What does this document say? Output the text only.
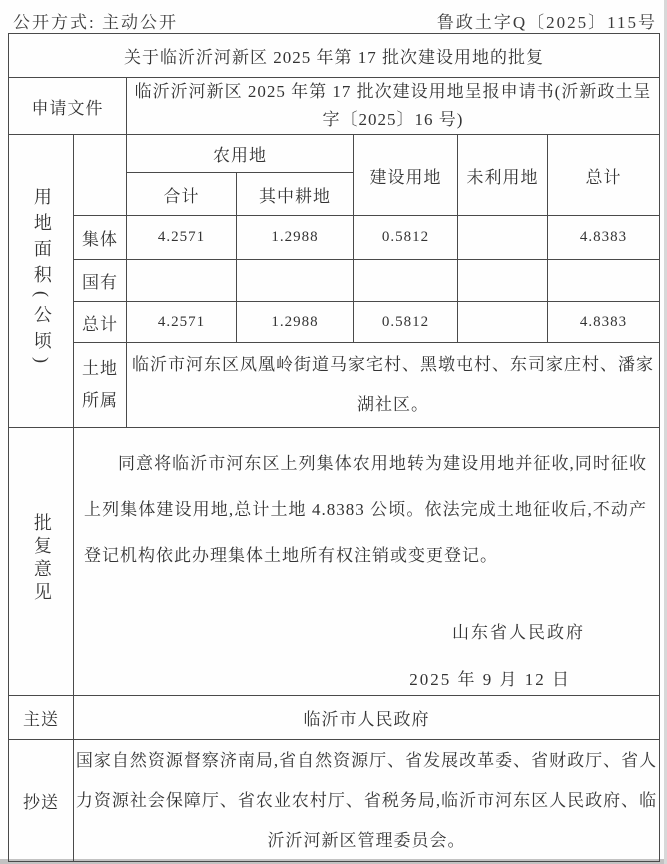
公开方式: 主动公开	鲁政土字Q〔2025〕115号
关于临沂沂河新区 2025 年第 17 批次建设用地的批复						
申请文件		临沂沂河新区 2025 年第 17 批次建设用地呈报申请书(沂新政土呈字〔2025〕16 号)				
用地面积(公顷)		农用地		建设用地	未利用地	总计
		合计	其中耕地			
	集体	4.2571	1.2988	0.5812		4.8383
	国有					
	总计	4.2571	1.2988	0.5812		4.8383
	土地所属	临沂市河东区凤凰岭街道马家宅村、黑墩屯村、东司家庄村、潘家湖社区。				
批复意见	同意将临沂市河东区上列集体农用地转为建设用地并征收,同时征收上列集体建设用地,总计土地 4.8383 公顷。依法完成土地征收后,不动产登记机构依此办理集体土地所有权注销或变更登记。

山东省人民政府
2025 年 9 月 12 日					

主送	临沂市人民政府					
抄送	国家自然资源督察济南局,省自然资源厅、省发展改革委、省财政厅、省人力资源社会保障厅、省农业农村厅、省税务局,临沂市河东区人民政府、临沂沂河新区管理委员会。					
